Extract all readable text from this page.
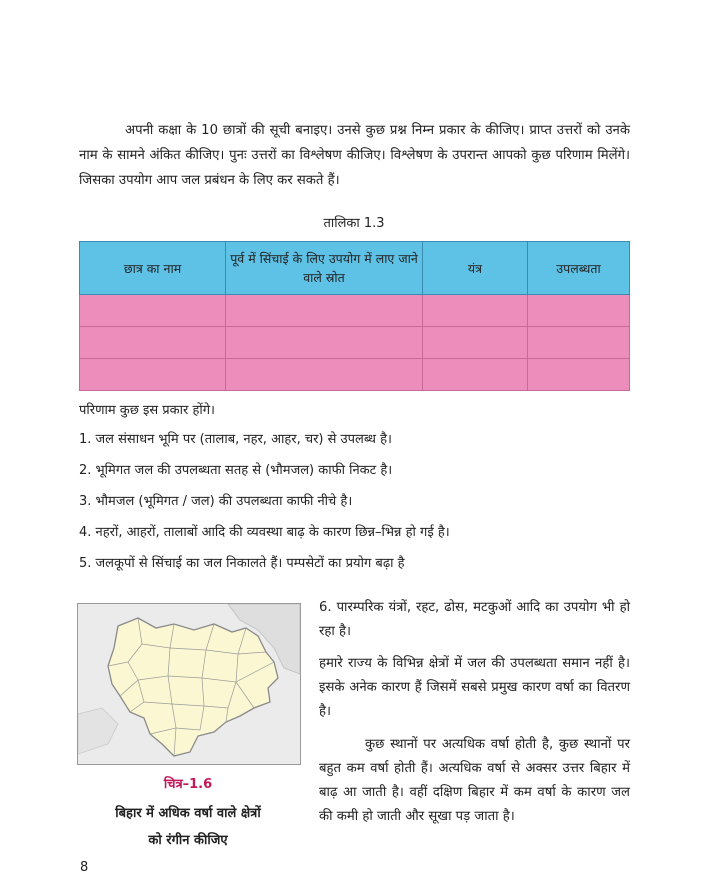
अपनी कक्षा के 10 छात्रों की सूची बनाइए। उनसे कुछ प्रश्न निम्न प्रकार के कीजिए। प्राप्त उत्तरों को उनके नाम के सामने अंकित कीजिए। पुनः उत्तरों का विश्लेषण कीजिए। विश्लेषण के उपरान्त आपको कुछ परिणाम मिलेंगे। जिसका उपयोग आप जल प्रबंधन के लिए कर सकते हैं।

तालिका 1.3
छात्र का नाम	पूर्व में सिंचाई के लिए उपयोग में लाए जाने वाले स्रोत	यंत्र	उपलब्धता

परिणाम कुछ इस प्रकार होंगे।
1. जल संसाधन भूमि पर (तालाब, नहर, आहर, चर) से उपलब्ध है।
2. भूमिगत जल की उपलब्धता सतह से (भौमजल) काफी निकट है।
3. भौमजल (भूमिगत / जल) की उपलब्धता काफी नीचे है।
4. नहरों, आहरों, तालाबों आदि की व्यवस्था बाढ़ के कारण छिन्न–भिन्न हो गई है।
5. जलकूपों से सिंचाई का जल निकालते हैं। पम्पसेटों का प्रयोग बढ़ा है
चित्र–1.6
बिहार में अधिक वर्षा वाले क्षेत्रों
को रंगीन कीजिए

6. पारम्परिक यंत्रों, रहट, ढोस, मटकुओं आदि का उपयोग भी हो रहा है।

हमारे राज्य के विभिन्न क्षेत्रों में जल की उपलब्धता समान नहीं है। इसके अनेक कारण हैं जिसमें सबसे प्रमुख कारण वर्षा का वितरण है।

कुछ स्थानों पर अत्यधिक वर्षा होती है, कुछ स्थानों पर बहुत कम वर्षा होती हैं। अत्यधिक वर्षा से अक्सर उत्तर बिहार में बाढ़ आ जाती है। वहीं दक्षिण बिहार में कम वर्षा के कारण जल की कमी हो जाती और सूखा पड़ जाता है।

8
